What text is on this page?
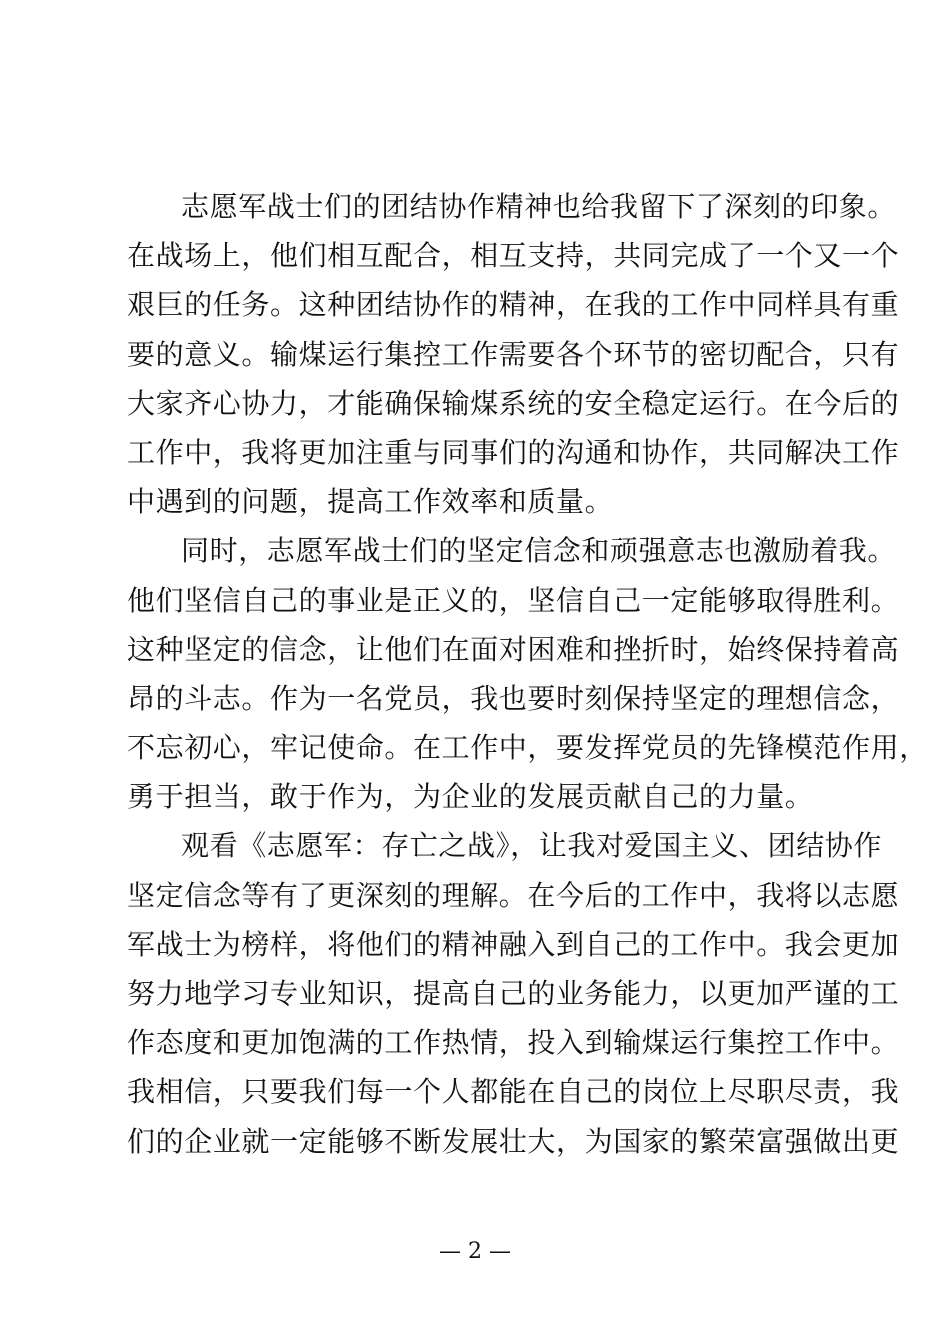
志愿军战士们的团结协作精神也给我留下了深刻的印象。
在战场上，他们相互配合，相互支持，共同完成了一个又一个
艰巨的任务。这种团结协作的精神，在我的工作中同样具有重
要的意义。输煤运行集控工作需要各个环节的密切配合，只有
大家齐心协力，才能确保输煤系统的安全稳定运行。在今后的
工作中，我将更加注重与同事们的沟通和协作，共同解决工作
中遇到的问题，提高工作效率和质量。
同时，志愿军战士们的坚定信念和顽强意志也激励着我。
他们坚信自己的事业是正义的，坚信自己一定能够取得胜利。
这种坚定的信念，让他们在面对困难和挫折时，始终保持着高
昂的斗志。作为一名党员，我也要时刻保持坚定的理想信念，
不忘初心，牢记使命。在工作中，要发挥党员的先锋模范作用，
勇于担当，敢于作为，为企业的发展贡献自己的力量。
观看《志愿军：存亡之战》，让我对爱国主义、团结协作
坚定信念等有了更深刻的理解。在今后的工作中，我将以志愿
军战士为榜样，将他们的精神融入到自己的工作中。我会更加
努力地学习专业知识，提高自己的业务能力，以更加严谨的工
作态度和更加饱满的工作热情，投入到输煤运行集控工作中。
我相信，只要我们每一个人都能在自己的岗位上尽职尽责，我
们的企业就一定能够不断发展壮大，为国家的繁荣富强做出更
— 2 —
